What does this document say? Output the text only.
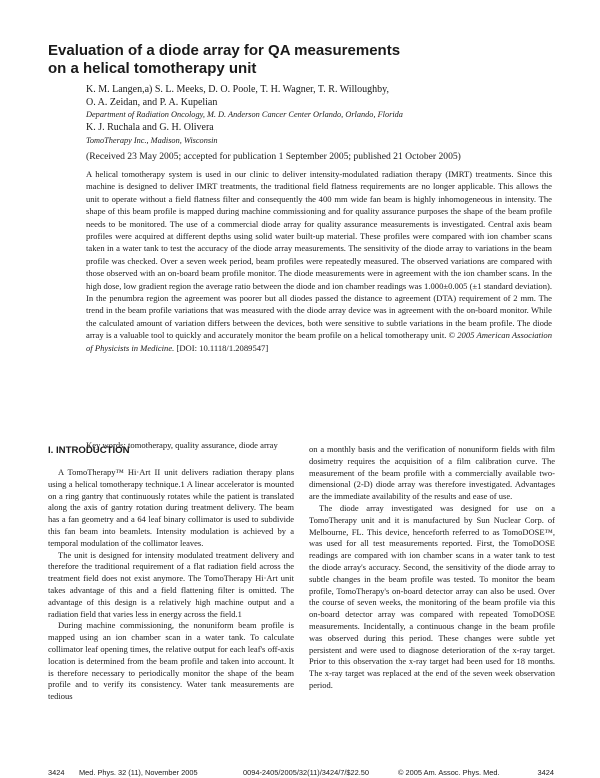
Evaluation of a diode array for QA measurements
on a helical tomotherapy unit
K. M. Langen,a) S. L. Meeks, D. O. Poole, T. H. Wagner, T. R. Willoughby,
O. A. Zeidan, and P. A. Kupelian
Department of Radiation Oncology, M. D. Anderson Cancer Center Orlando, Orlando, Florida
K. J. Ruchala and G. H. Olivera
TomoTherapy Inc., Madison, Wisconsin
(Received 23 May 2005; accepted for publication 1 September 2005; published 21 October 2005)

A helical tomotherapy system is used in our clinic to deliver intensity-modulated radiation therapy (IMRT) treatments. Since this machine is designed to deliver IMRT treatments, the traditional field flatness requirements are no longer applicable. This allows the unit to operate without a field flatness filter and consequently the 400 mm wide fan beam is highly inhomogeneous in intensity. The shape of this beam profile is mapped during machine commissioning and for quality assurance purposes the shape of the beam profile needs to be monitored. The use of a commercial diode array for quality assurance measurements is investigated. Central axis beam profiles were acquired at different depths using solid water built-up material. These profiles were compared with ion chamber scans taken in a water tank to test the accuracy of the diode array measurements. The sensitivity of the diode array to variations in the beam profile was checked. Over a seven week period, beam profiles were repeatedly measured. The observed variations are compared with those observed with an on-board beam profile monitor. The diode measurements were in agreement with the ion chamber scans. In the high dose, low gradient region the average ratio between the diode and ion chamber readings was 1.000±0.005 (±1 standard deviation). In the penumbra region the agreement was poorer but all diodes passed the distance to agreement (DTA) requirement of 2 mm. The trend in the beam profile variations that was measured with the diode array device was in agreement with the on-board monitor. While the calculated amount of variation differs between the devices, both were sensitive to subtle variations in the beam profile. The diode array is a valuable tool to quickly and accurately monitor the beam profile on a helical tomotherapy unit. © 2005 American Association of Physicists in Medicine. [DOI: 10.1118/1.2089547]

Key words: tomotherapy, quality assurance, diode array
I. INTRODUCTION

A TomoTherapy™ Hi·Art II unit delivers radiation therapy plans using a helical tomotherapy technique.1 A linear accelerator is mounted on a ring gantry that continuously rotates while the patient is translated along the axis of gantry rotation during treatment delivery. The beam has a fan geometry and a 64 leaf binary collimator is used to subdivide this fan beam into beamlets. Intensity modulation is achieved by a temporal modulation of the collimator leaves.

The unit is designed for intensity modulated treatment delivery and therefore the traditional requirement of a flat radiation field across the treatment field does not exist anymore. The TomoTherapy Hi·Art unit takes advantage of this and a field flattening filter is omitted. The advantage of this design is a relatively high machine output and a radiation field that varies less in energy across the field.1

During machine commissioning, the nonuniform beam profile is mapped using an ion chamber scan in a water tank. To calculate collimator leaf opening times, the relative output for each leaf's off-axis location is determined from the beam profile and taken into account. It is therefore necessary to periodically monitor the shape of the beam profile and to verify its consistency. Water tank measurements are tedious

on a monthly basis and the verification of nonuniform fields with film dosimetry requires the acquisition of a film calibration curve. The measurement of the beam profile with a commercially available two-dimensional (2-D) diode array was therefore investigated. Advantages are the immediate availability of the results and ease of use.

The diode array investigated was designed for use on a TomoTherapy unit and it is manufactured by Sun Nuclear Corp. of Melbourne, FL. This device, henceforth referred to as TomoDOSE™, was used for all test measurements reported. First, the TomoDOSE readings are compared with ion chamber scans in a water tank to test the diode array's accuracy. Second, the sensitivity of the diode array to subtle changes in the beam profile was tested. To monitor the beam profile, TomoTherapy's on-board detector array can also be used. Over the course of seven weeks, the monitoring of the beam profile via this on-board detector array was compared with repeated TomoDOSE measurements. Incidentally, a continuous change in the beam profile was observed during this period. These changes were subtle yet persistent and were used to diagnose deterioration of the x-ray target. Prior to this observation the x-ray target had been used for 18 months. The x-ray target was replaced at the end of the seven week observation period.

3424 Med. Phys. 32 (11), November 2005	0094-2405/2005/32(11)/3424/7/$22.50	© 2005 Am. Assoc. Phys. Med.	3424
